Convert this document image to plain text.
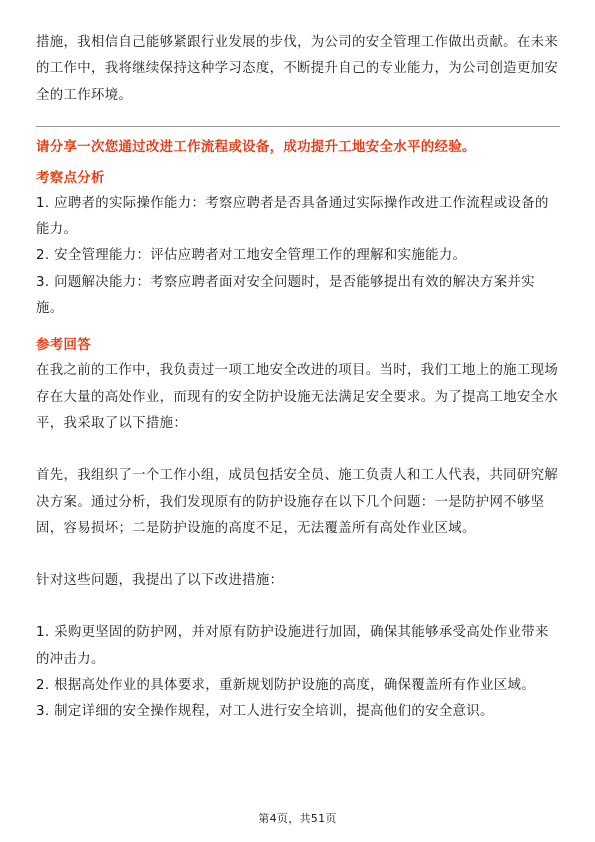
措施，我相信自己能够紧跟行业发展的步伐，为公司的安全管理工作做出贡献。在未来的工作中，我将继续保持这种学习态度，不断提升自己的专业能力，为公司创造更加安全的工作环境。

请分享一次您通过改进工作流程或设备，成功提升工地安全水平的经验。

考察点分析

1. 应聘者的实际操作能力：考察应聘者是否具备通过实际操作改进工作流程或设备的能力。
2. 安全管理能力：评估应聘者对工地安全管理工作的理解和实施能力。
3. 问题解决能力：考察应聘者面对安全问题时，是否能够提出有效的解决方案并实施。

参考回答

在我之前的工作中，我负责过一项工地安全改进的项目。当时，我们工地上的施工现场存在大量的高处作业，而现有的安全防护设施无法满足安全要求。为了提高工地安全水平，我采取了以下措施：

首先，我组织了一个工作小组，成员包括安全员、施工负责人和工人代表，共同研究解决方案。通过分析，我们发现原有的防护设施存在以下几个问题：一是防护网不够坚固，容易损坏；二是防护设施的高度不足，无法覆盖所有高处作业区域。

针对这些问题，我提出了以下改进措施：

1. 采购更坚固的防护网，并对原有防护设施进行加固，确保其能够承受高处作业带来的冲击力。
2. 根据高处作业的具体要求，重新规划防护设施的高度，确保覆盖所有作业区域。
3. 制定详细的安全操作规程，对工人进行安全培训，提高他们的安全意识。
第4页，共51页
